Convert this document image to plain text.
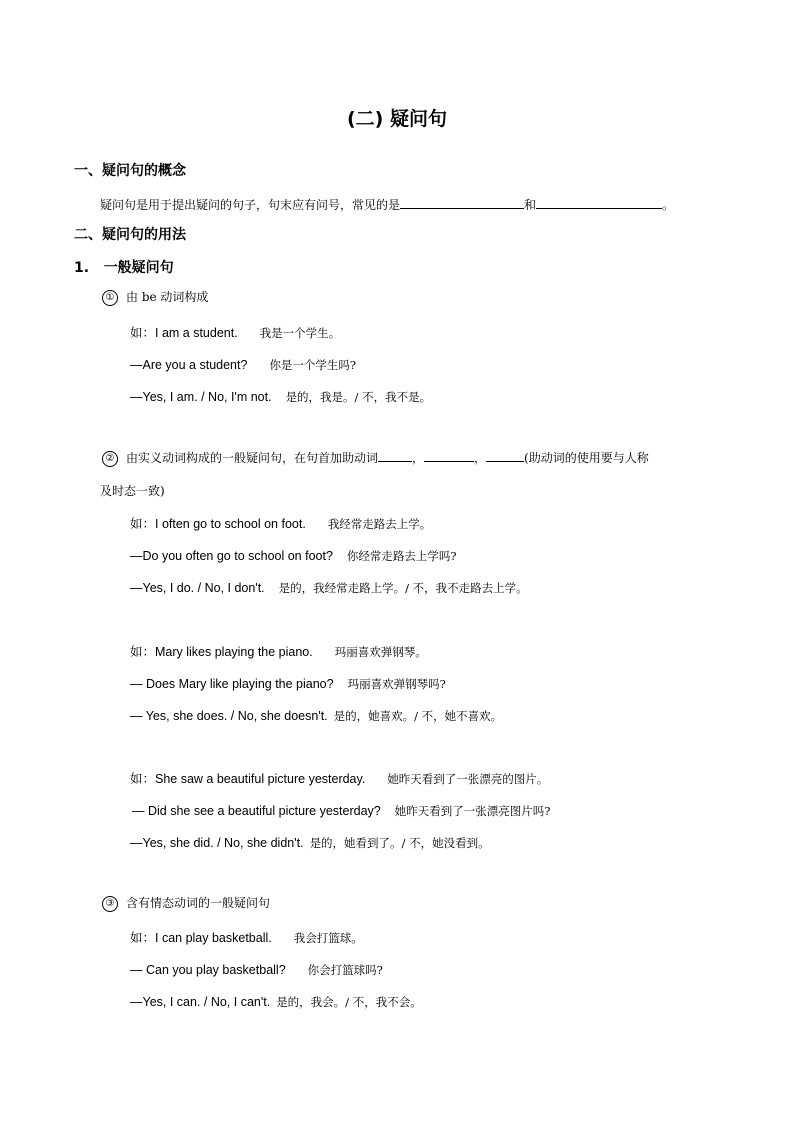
(二) 疑问句
一、疑问句的概念
疑问句是用于提出疑问的句子，句末应有问号，常见的是	和	。
二、疑问句的用法
1. 一般疑问句
① 由 be 动词构成
如：I am a student. 我是一个学生。
—Are you a student? 你是一个学生吗?
—Yes, I am. / No, I'm not. 是的，我是。/ 不，我不是。
② 由实义动词构成的一般疑问句，在句首加助动词	，	，	(助动词的使用要与人称
及时态一致)
如：I often go to school on foot. 我经常走路去上学。
—Do you often go to school on foot? 你经常走路去上学吗?
—Yes, I do. / No, I don't. 是的，我经常走路上学。/ 不，我不走路去上学。
如：Mary likes playing the piano. 玛丽喜欢弹钢琴。
— Does Mary like playing the piano? 玛丽喜欢弹钢琴吗?
— Yes, she does. / No, she doesn't. 是的，她喜欢。/ 不，她不喜欢。
如：She saw a beautiful picture yesterday. 她昨天看到了一张漂亮的图片。
— Did she see a beautiful picture yesterday? 她昨天看到了一张漂亮图片吗?
—Yes, she did. / No, she didn't. 是的，她看到了。/ 不，她没看到。
③ 含有情态动词的一般疑问句
如：I can play basketball. 我会打篮球。
— Can you play basketball? 你会打篮球吗?
—Yes, I can. / No, I can't. 是的，我会。/ 不，我不会。
